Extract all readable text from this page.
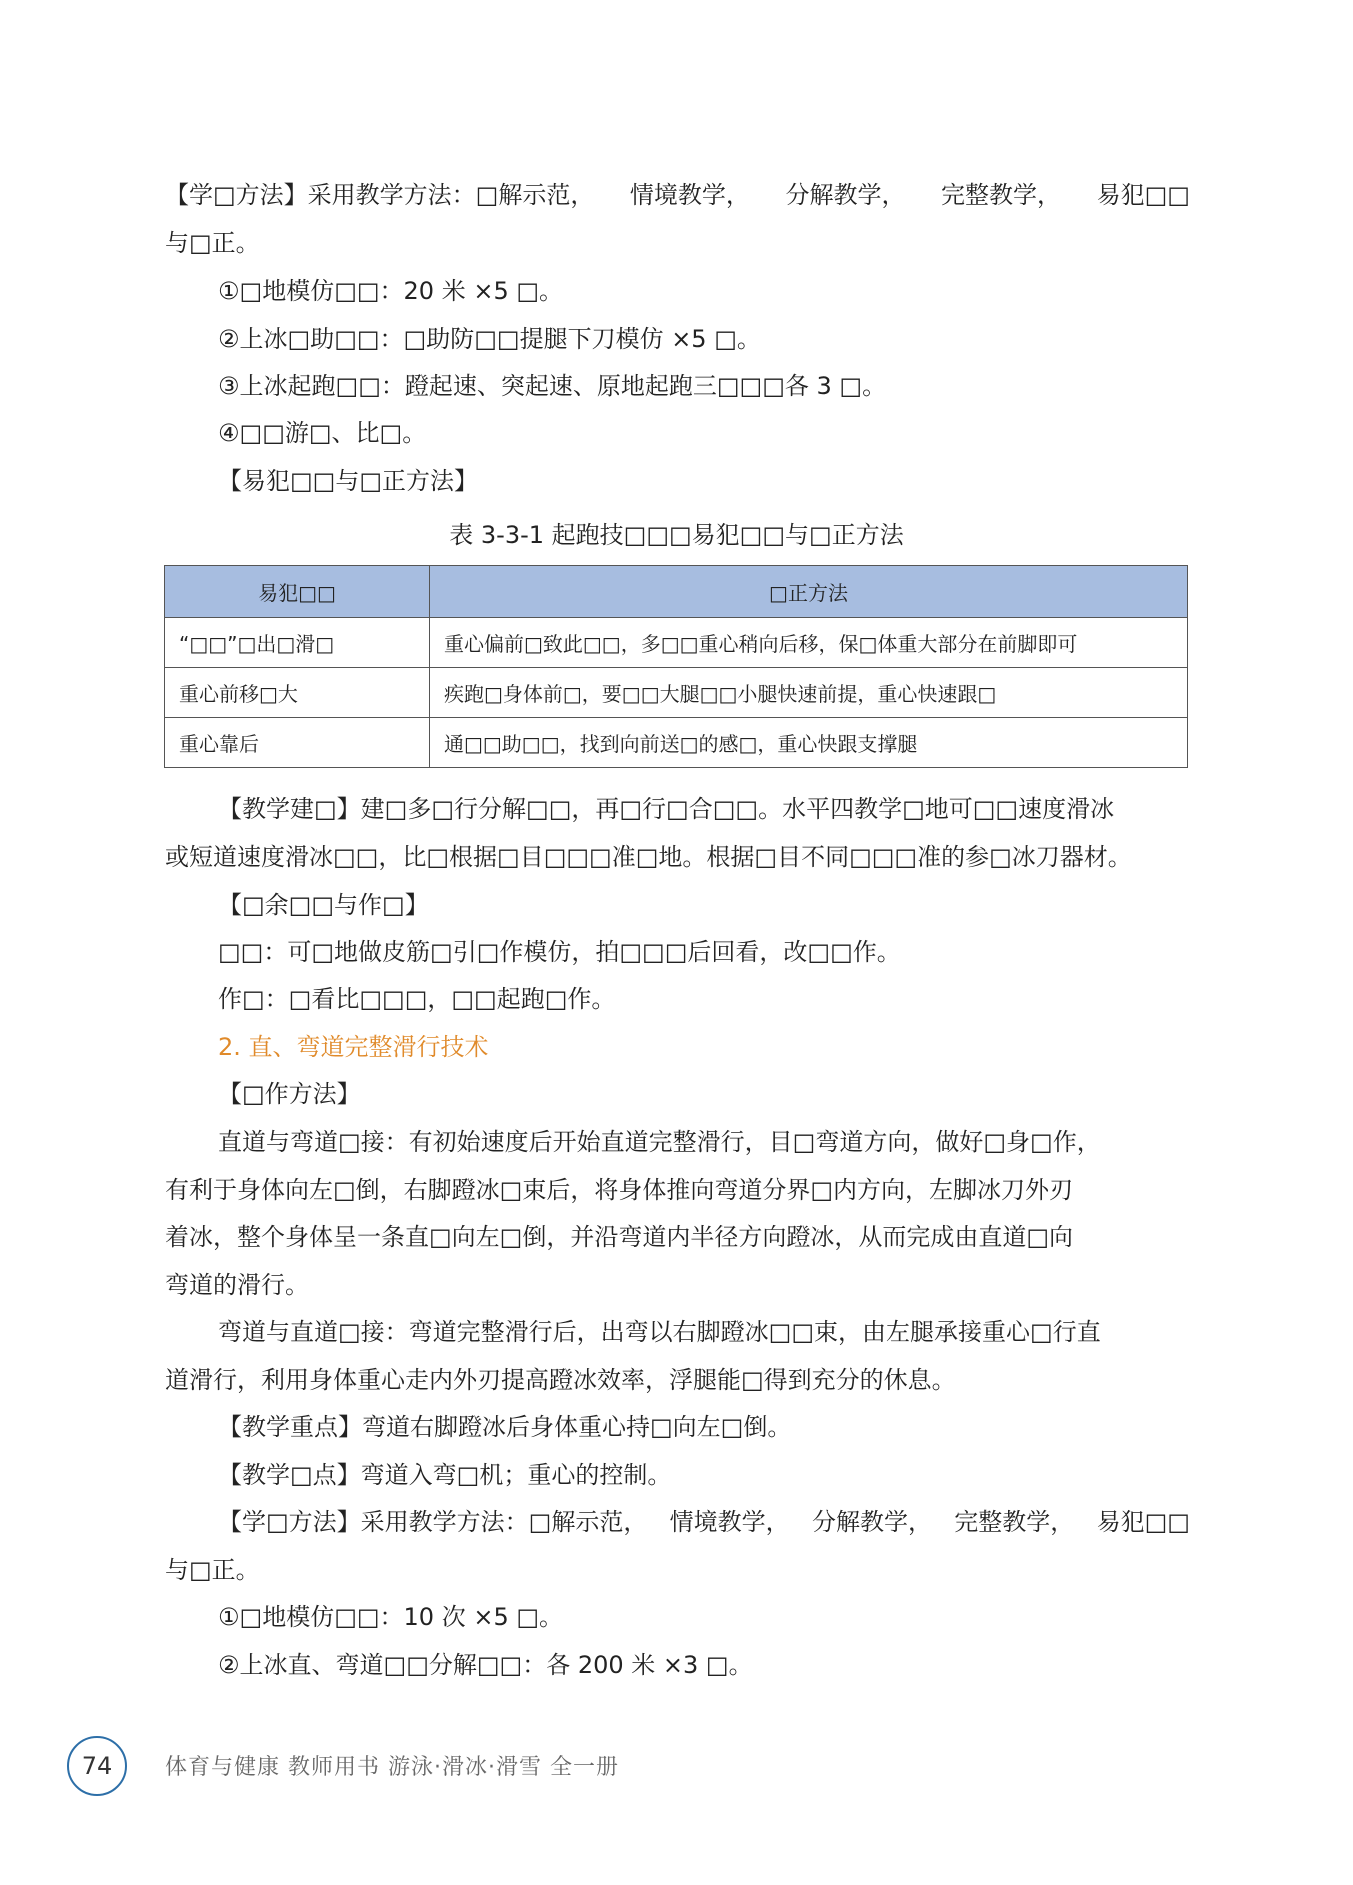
【学□方法】采用教学方法：□解示范， 情境教学， 分解教学， 完整教学， 易犯□□
与□正。
①□地模仿□□：20 米 ×5 □。
②上冰□助□□：□助防□□提腿下刀模仿 ×5 □。
③上冰起跑□□：蹬起速、突起速、原地起跑三□□□各 3 □。
④□□游□、比□。
【易犯□□与□正方法】
表 3-3-1 起跑技□□□易犯□□与□正方法
易犯□□	□正方法
“□□”□出□滑□	重心偏前□致此□□，多□□重心稍向后移，保□体重大部分在前脚即可
重心前移□大	疾跑□身体前□，要□□大腿□□小腿快速前提，重心快速跟□
重心靠后	通□□助□□，找到向前送□的感□，重心快跟支撑腿
【教学建□】建□多□行分解□□，再□行□合□□。水平四教学□地可□□速度滑冰
或短道速度滑冰□□，比□根据□目□□□准□地。根据□目不同□□□准的参□冰刀器材。
【□余□□与作□】
□□：可□地做皮筋□引□作模仿，拍□□□后回看，改□□作。
作□：□看比□□□，□□起跑□作。
2. 直、弯道完整滑行技术
【□作方法】
直道与弯道□接：有初始速度后开始直道完整滑行，目□弯道方向，做好□身□作，
有利于身体向左□倒，右脚蹬冰□束后，将身体推向弯道分界□内方向，左脚冰刀外刃
着冰，整个身体呈一条直□向左□倒，并沿弯道内半径方向蹬冰，从而完成由直道□向
弯道的滑行。
弯道与直道□接：弯道完整滑行后，出弯以右脚蹬冰□□束，由左腿承接重心□行直
道滑行，利用身体重心走内外刃提高蹬冰效率，浮腿能□得到充分的休息。
【教学重点】弯道右脚蹬冰后身体重心持□向左□倒。
【教学□点】弯道入弯□机；重心的控制。
【学□方法】采用教学方法：□解示范， 情境教学， 分解教学， 完整教学， 易犯□□
与□正。
①□地模仿□□：10 次 ×5 □。
②上冰直、弯道□□分解□□：各 200 米 ×3 □。
74	体育与健康 教师用书 游泳·滑冰·滑雪 全一册
